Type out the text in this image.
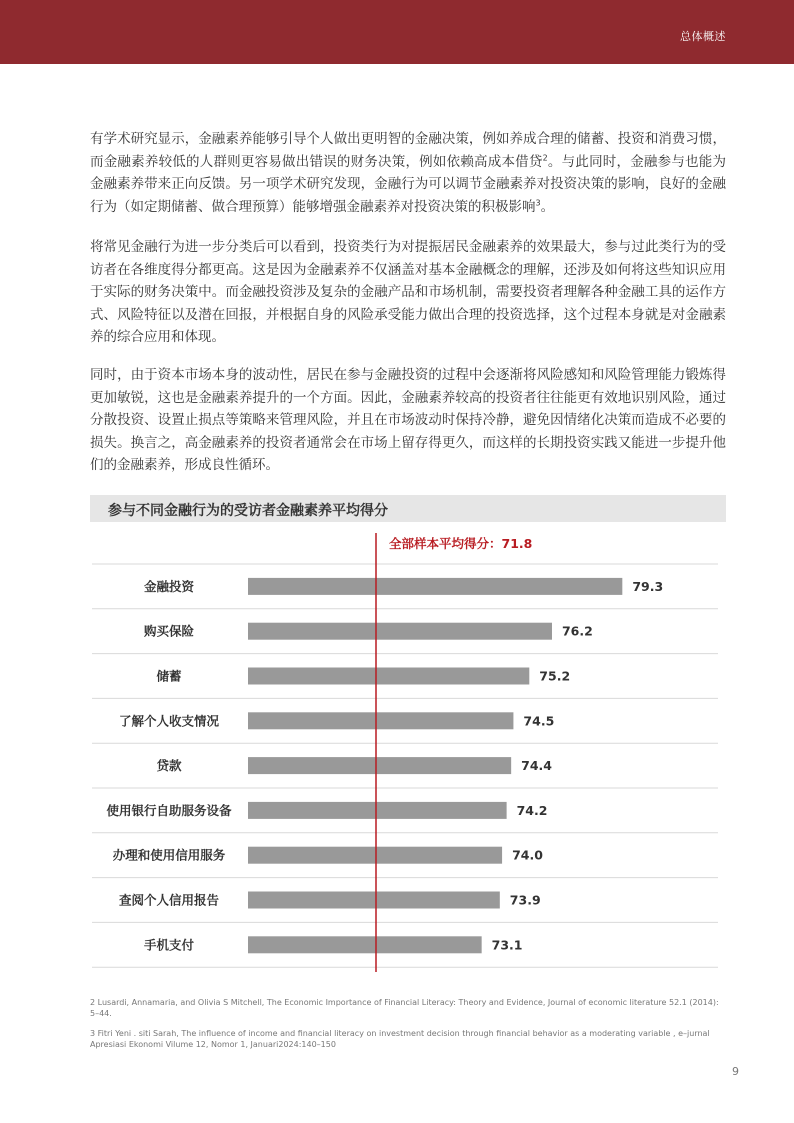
总体概述

有学术研究显示，金融素养能够引导个人做出更明智的金融决策，例如养成合理的储蓄、投资和消费习惯，而金融素养较低的人群则更容易做出错误的财务决策，例如依赖高成本借贷$^2$。与此同时，金融参与也能为金融素养带来正向反馈。另一项学术研究发现，金融行为可以调节金融素养对投资决策的影响，良好的金融行为（如定期储蓄、做合理预算）能够增强金融素养对投资决策的积极影响$^3$。

将常见金融行为进一步分类后可以看到，投资类行为对提振居民金融素养的效果最大，参与过此类行为的受访者在各维度得分都更高。这是因为金融素养不仅涵盖对基本金融概念的理解，还涉及如何将这些知识应用于实际的财务决策中。而金融投资涉及复杂的金融产品和市场机制，需要投资者理解各种金融工具的运作方式、风险特征以及潜在回报，并根据自身的风险承受能力做出合理的投资选择，这个过程本身就是对金融素养的综合应用和体现。

同时，由于资本市场本身的波动性，居民在参与金融投资的过程中会逐渐将风险感知和风险管理能力锻炼得更加敏锐，这也是金融素养提升的一个方面。因此，金融素养较高的投资者往往能更有效地识别风险，通过分散投资、设置止损点等策略来管理风险，并且在市场波动时保持冷静，避免因情绪化决策而造成不必要的损失。换言之，高金融素养的投资者通常会在市场上留存得更久，而这样的长期投资实践又能进一步提升他们的金融素养，形成良性循环。

参与不同金融行为的受访者金融素养平均得分
金融投资	79.3
购买保险	76.2
储蓄	75.2
了解个人收支情况	74.5
贷款	74.4
使用银行自助服务设备	74.2
办理和使用信用服务	74.0
查阅个人信用报告	73.9
手机支付	73.1
全部样本平均得分：71.8

2 Lusardi, Annamaria, and Olivia S Mitchell, The Economic Importance of Financial Literacy: Theory and Evidence, Journal of economic literature 52.1 (2014): 5–44.

3 Fitri Yeni . siti Sarah, The influence of income and financial literacy on investment decision through financial behavior as a moderating variable , e–jurnal Apresiasi Ekonomi Vilume 12, Nomor 1, Januari2024:140–150

9
